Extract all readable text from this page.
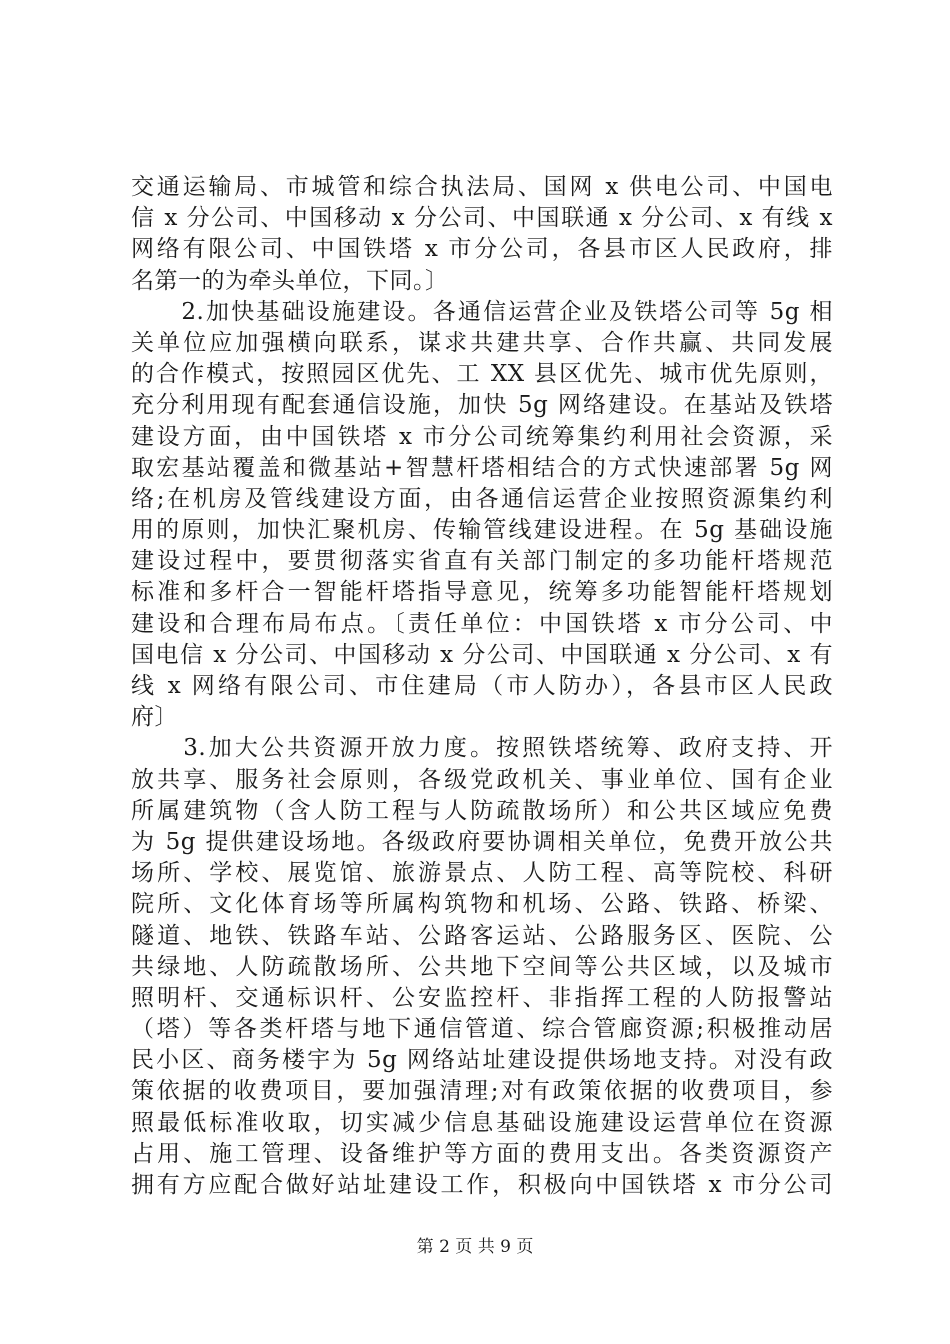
交通运输局、市城管和综合执法局、国网 x 供电公司、中国电
信 x 分公司、中国移动 x 分公司、中国联通 x 分公司、x 有线 x
网络有限公司、中国铁塔 x 市分公司，各县市区人民政府，排
名第一的为牵头单位，下同。〕
　　2.加快基础设施建设。各通信运营企业及铁塔公司等 5g 相
关单位应加强横向联系，谋求共建共享、合作共赢、共同发展
的合作模式，按照园区优先、工 XX 县区优先、城市优先原则，
充分利用现有配套通信设施，加快 5g 网络建设。在基站及铁塔
建设方面，由中国铁塔 x 市分公司统筹集约利用社会资源，采
取宏基站覆盖和微基站+智慧杆塔相结合的方式快速部署 5g 网
络;在机房及管线建设方面，由各通信运营企业按照资源集约利
用的原则，加快汇聚机房、传输管线建设进程。在 5g 基础设施
建设过程中，要贯彻落实省直有关部门制定的多功能杆塔规范
标准和多杆合一智能杆塔指导意见，统筹多功能智能杆塔规划
建设和合理布局布点。〔责任单位：中国铁塔 x 市分公司、中
国电信 x 分公司、中国移动 x 分公司、中国联通 x 分公司、x 有
线 x 网络有限公司、市住建局（市人防办），各县市区人民政
府〕
　　3.加大公共资源开放力度。按照铁塔统筹、政府支持、开
放共享、服务社会原则，各级党政机关、事业单位、国有企业
所属建筑物（含人防工程与人防疏散场所）和公共区域应免费
为 5g 提供建设场地。各级政府要协调相关单位，免费开放公共
场所、学校、展览馆、旅游景点、人防工程、高等院校、科研
院所、文化体育场等所属构筑物和机场、公路、铁路、桥梁、
隧道、地铁、铁路车站、公路客运站、公路服务区、医院、公
共绿地、人防疏散场所、公共地下空间等公共区域，以及城市
照明杆、交通标识杆、公安监控杆、非指挥工程的人防报警站
（塔）等各类杆塔与地下通信管道、综合管廊资源;积极推动居
民小区、商务楼宇为 5g 网络站址建设提供场地支持。对没有政
策依据的收费项目，要加强清理;对有政策依据的收费项目，参
照最低标准收取，切实减少信息基础设施建设运营单位在资源
占用、施工管理、设备维护等方面的费用支出。各类资源资产
拥有方应配合做好站址建设工作，积极向中国铁塔 x 市分公司
第 2 页 共 9 页
